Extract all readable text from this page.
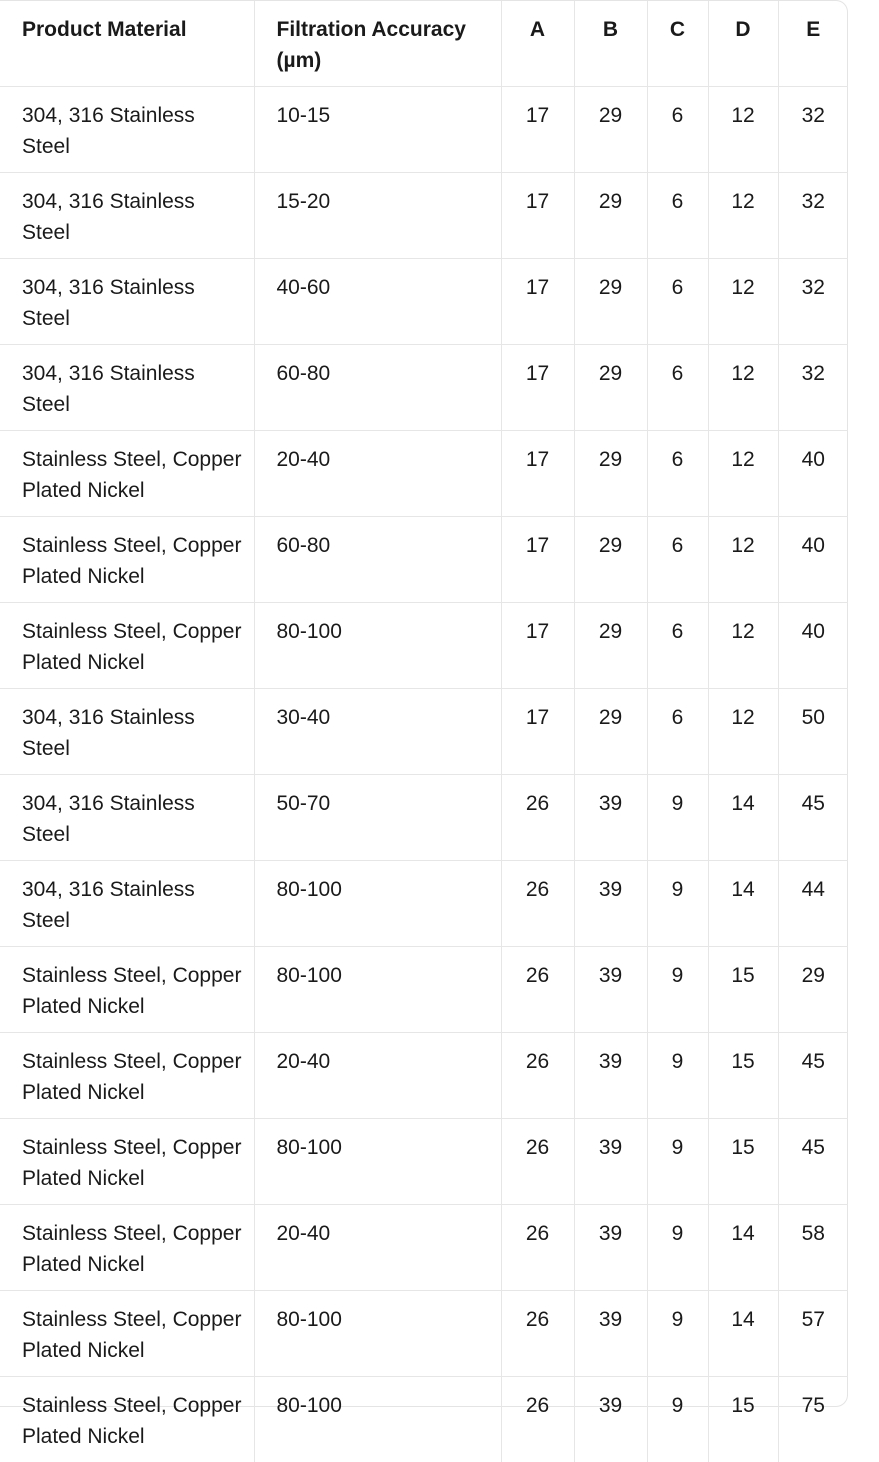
Product Material	Filtration Accuracy (µm)	A	B	C	D	E
304, 316 Stainless Steel	10-15	17	29	6	12	32
304, 316 Stainless Steel	15-20	17	29	6	12	32
304, 316 Stainless Steel	40-60	17	29	6	12	32
304, 316 Stainless Steel	60-80	17	29	6	12	32
Stainless Steel, Copper Plated Nickel	20-40	17	29	6	12	40
Stainless Steel, Copper Plated Nickel	60-80	17	29	6	12	40
Stainless Steel, Copper Plated Nickel	80-100	17	29	6	12	40
304, 316 Stainless Steel	30-40	17	29	6	12	50
304, 316 Stainless Steel	50-70	26	39	9	14	45
304, 316 Stainless Steel	80-100	26	39	9	14	44
Stainless Steel, Copper Plated Nickel	80-100	26	39	9	15	29
Stainless Steel, Copper Plated Nickel	20-40	26	39	9	15	45
Stainless Steel, Copper Plated Nickel	80-100	26	39	9	15	45
Stainless Steel, Copper Plated Nickel	20-40	26	39	9	14	58
Stainless Steel, Copper Plated Nickel	80-100	26	39	9	14	57
Stainless Steel, Copper Plated Nickel	80-100	26	39	9	15	75
